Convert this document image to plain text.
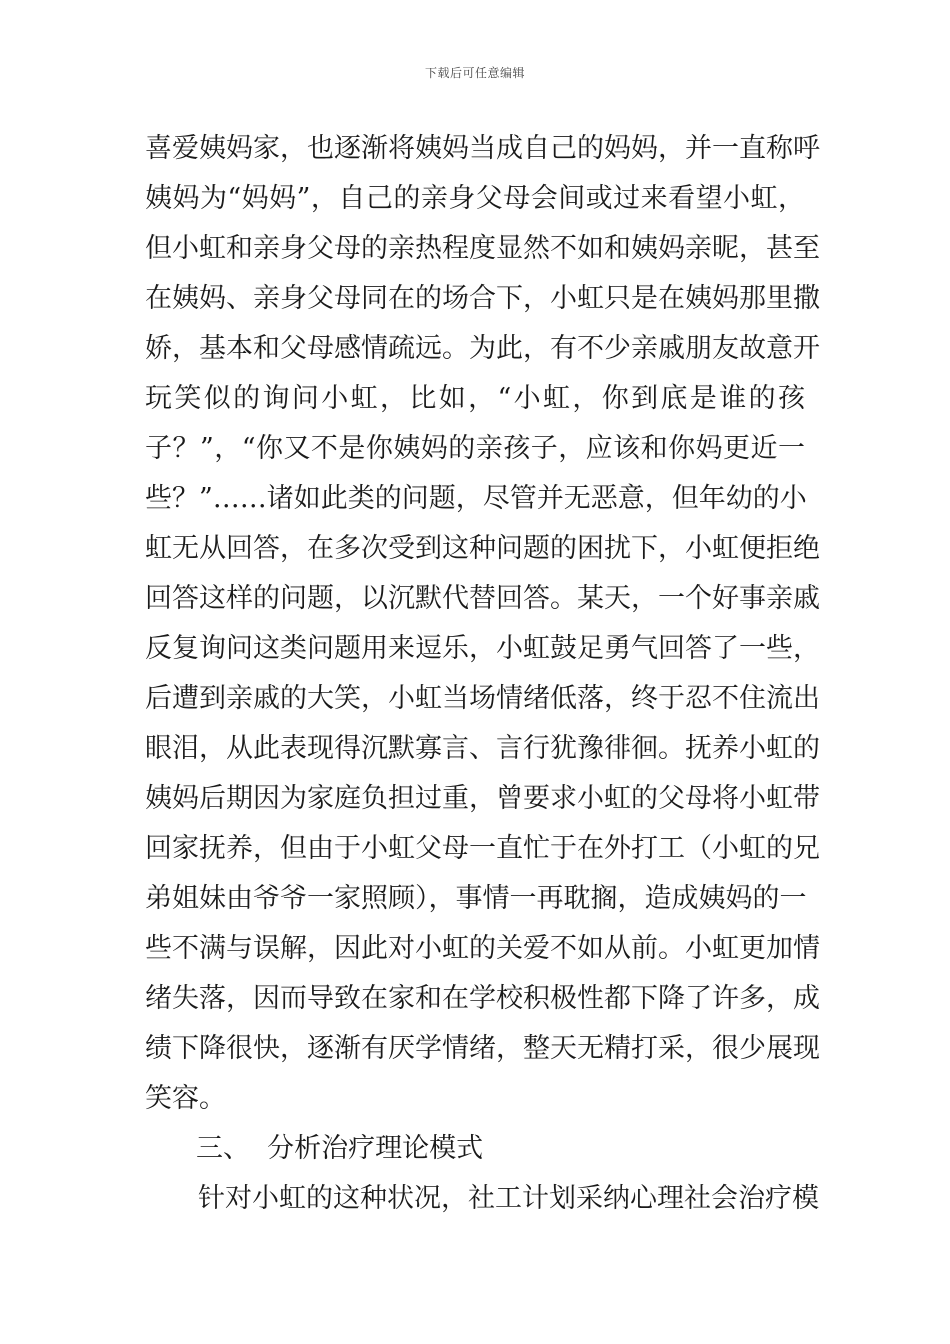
下载后可任意编辑
喜爱姨妈家，也逐渐将姨妈当成自己的妈妈，并一直称呼
姨妈为“妈妈”，自己的亲身父母会间或过来看望小虹，
但小虹和亲身父母的亲热程度显然不如和姨妈亲昵，甚至
在姨妈、亲身父母同在的场合下，小虹只是在姨妈那里撒
娇，基本和父母感情疏远。为此，有不少亲戚朋友故意开
玩笑似的询问小虹，比如，“小虹，你到底是谁的孩
子？”，“你又不是你姨妈的亲孩子，应该和你妈更近一
些？”……诸如此类的问题，尽管并无恶意，但年幼的小
虹无从回答，在多次受到这种问题的困扰下，小虹便拒绝
回答这样的问题，以沉默代替回答。某天，一个好事亲戚
反复询问这类问题用来逗乐，小虹鼓足勇气回答了一些，
后遭到亲戚的大笑，小虹当场情绪低落，终于忍不住流出
眼泪，从此表现得沉默寡言、言行犹豫徘徊。抚养小虹的
姨妈后期因为家庭负担过重，曾要求小虹的父母将小虹带
回家抚养，但由于小虹父母一直忙于在外打工（小虹的兄
弟姐妹由爷爷一家照顾），事情一再耽搁，造成姨妈的一
些不满与误解，因此对小虹的关爱不如从前。小虹更加情
绪失落，因而导致在家和在学校积极性都下降了许多，成
绩下降很快，逐渐有厌学情绪，整天无精打采，很少展现
笑容。
三、  分析治疗理论模式
针对小虹的这种状况，社工计划采纳心理社会治疗模
